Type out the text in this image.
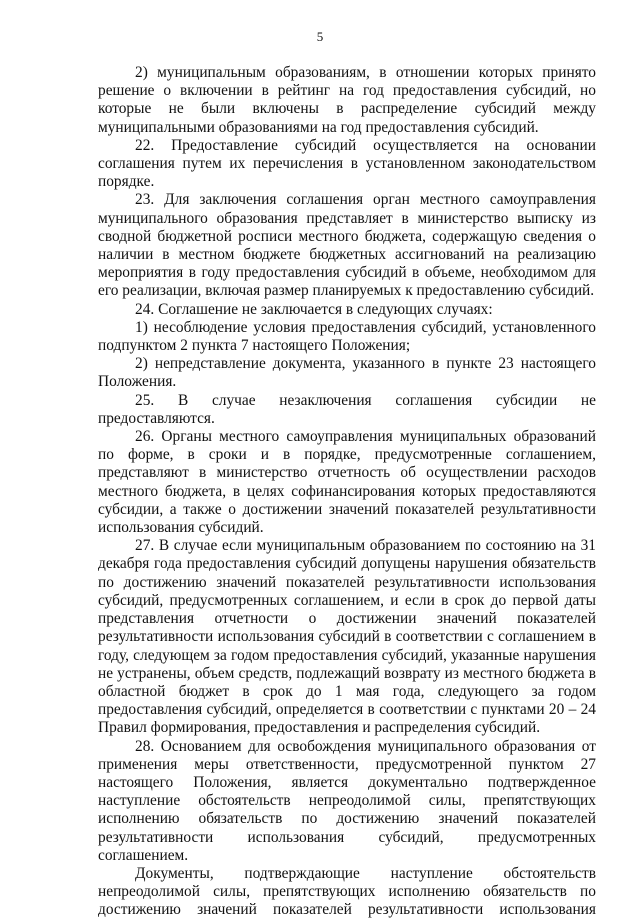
5

2) муниципальным образованиям, в отношении которых принято решение о включении в рейтинг на год предоставления субсидий, но которые не были включены в распределение субсидий между муниципальными образованиями на год предоставления субсидий.

22. Предоставление субсидий осуществляется на основании соглашения путем их перечисления в установленном законодательством порядке.

23. Для заключения соглашения орган местного самоуправления муниципального образования представляет в министерство выписку из сводной бюджетной росписи местного бюджета, содержащую сведения о наличии в местном бюджете бюджетных ассигнований на реализацию мероприятия в году предоставления субсидий в объеме, необходимом для его реализации, включая размер планируемых к предоставлению субсидий.

24. Соглашение не заключается в следующих случаях:

1) несоблюдение условия предоставления субсидий, установленного подпунктом 2 пункта 7 настоящего Положения;

2) непредставление документа, указанного в пункте 23 настоящего Положения.

25. В случае незаключения соглашения субсидии не предоставляются.

26. Органы местного самоуправления муниципальных образований по форме, в сроки и в порядке, предусмотренные соглашением, представляют в министерство отчетность об осуществлении расходов местного бюджета, в целях софинансирования которых предоставляются субсидии, а также о достижении значений показателей результативности использования субсидий.

27. В случае если муниципальным образованием по состоянию на 31 декабря года предоставления субсидий допущены нарушения обязательств по достижению значений показателей результативности использования субсидий, предусмотренных соглашением, и если в срок до первой даты представления отчетности о достижении значений показателей результативности использования субсидий в соответствии с соглашением в году, следующем за годом предоставления субсидий, указанные нарушения не устранены, объем средств, подлежащий возврату из местного бюджета в областной бюджет в срок до 1 мая года, следующего за годом предоставления субсидий, определяется в соответствии с пунктами 20 – 24 Правил формирования, предоставления и распределения субсидий.

28. Основанием для освобождения муниципального образования от применения меры ответственности, предусмотренной пунктом 27 настоящего Положения, является документально подтвержденное наступление обстоятельств непреодолимой силы, препятствующих исполнению обязательств по достижению значений показателей результативности использования субсидий, предусмотренных соглашением.

Документы, подтверждающие наступление обстоятельств непреодолимой силы, препятствующих исполнению обязательств по достижению значений показателей результативности использования
